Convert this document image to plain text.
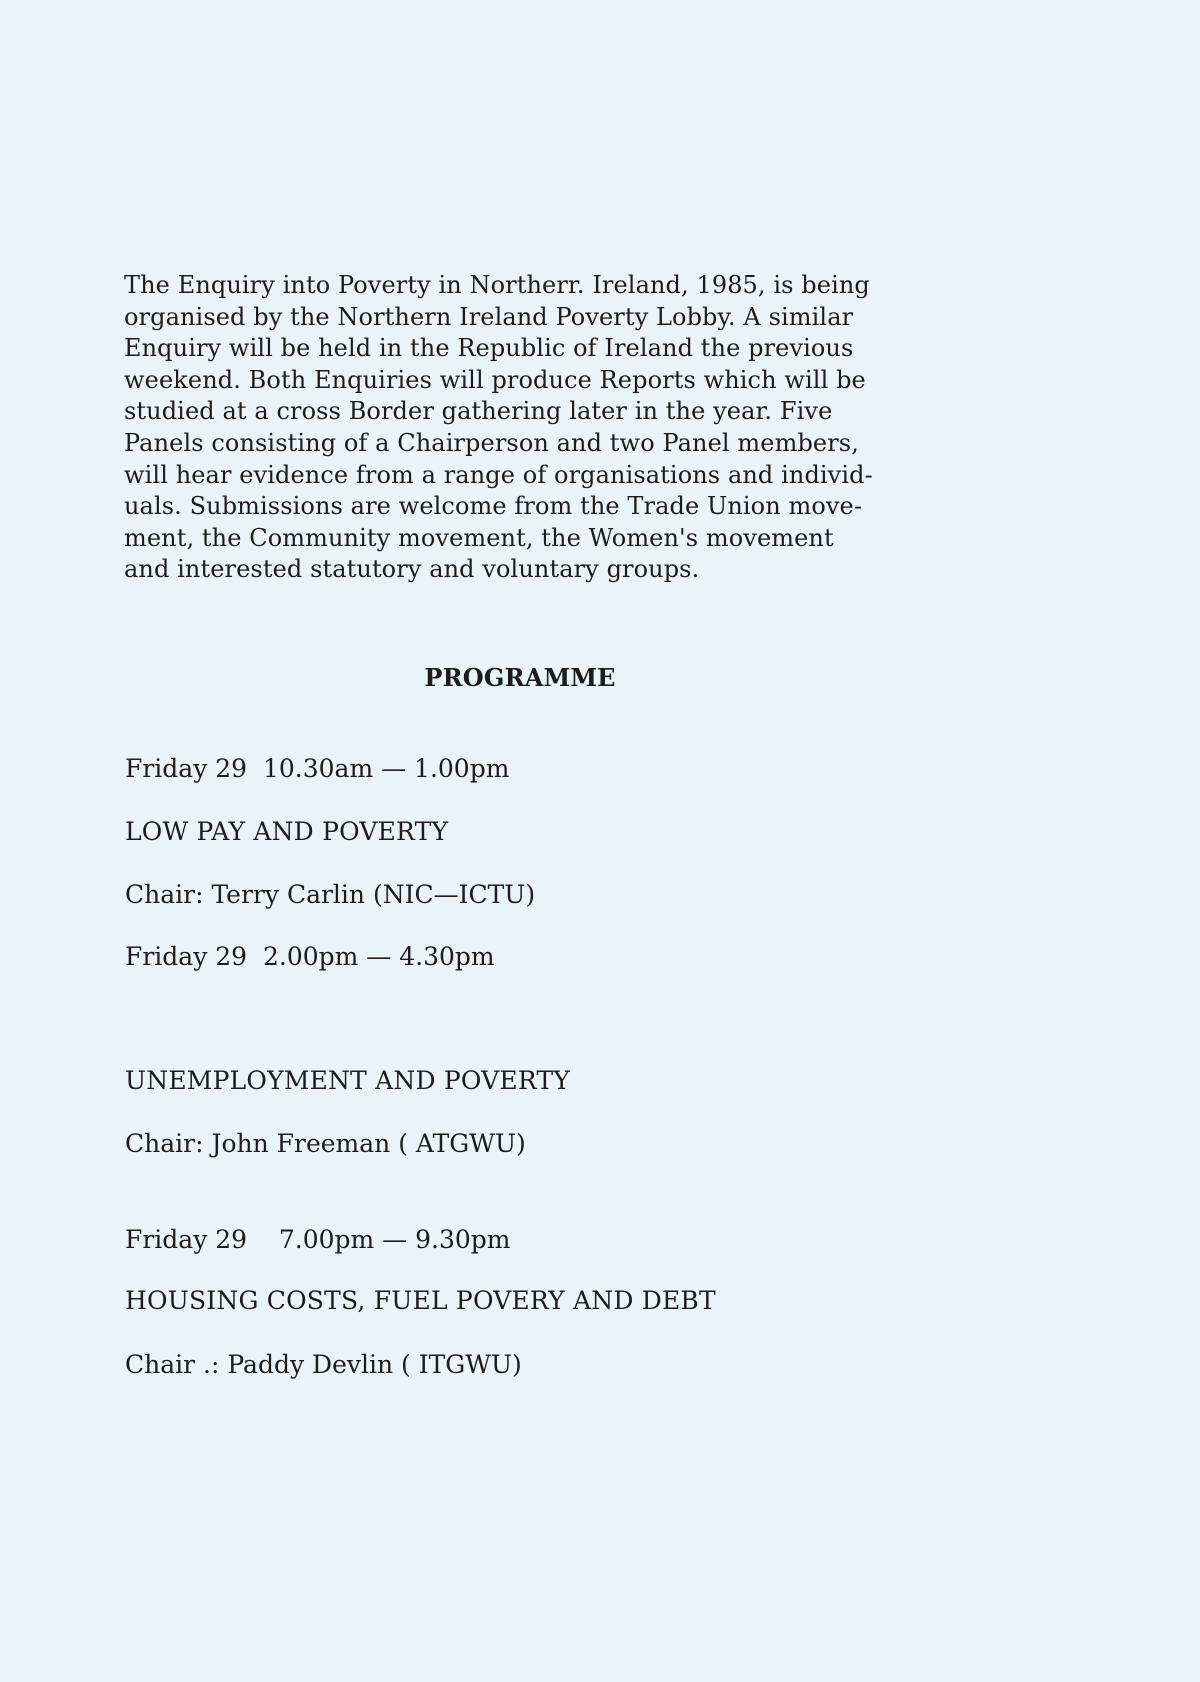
The Enquiry into Poverty in Northerr. Ireland, 1985, is being
organised by the Northern Ireland Poverty Lobby. A similar
Enquiry will be held in the Republic of Ireland the previous
weekend. Both Enquiries will produce Reports which will be
studied at a cross Border gathering later in the year. Five
Panels consisting of a Chairperson and two Panel members,
will hear evidence from a range of organisations and individ-
uals. Submissions are welcome from the Trade Union move-
ment, the Community movement, the Women's movement
and interested statutory and voluntary groups.
PROGRAMME
Friday 29  10.30am — 1.00pm
LOW PAY AND POVERTY
Chair: Terry Carlin (NIC—ICTU)
Friday 29  2.00pm — 4.30pm
UNEMPLOYMENT AND POVERTY
Chair: John Freeman ( ATGWU)
Friday 29    7.00pm — 9.30pm
HOUSING COSTS, FUEL POVERY AND DEBT
Chair .: Paddy Devlin ( ITGWU)
